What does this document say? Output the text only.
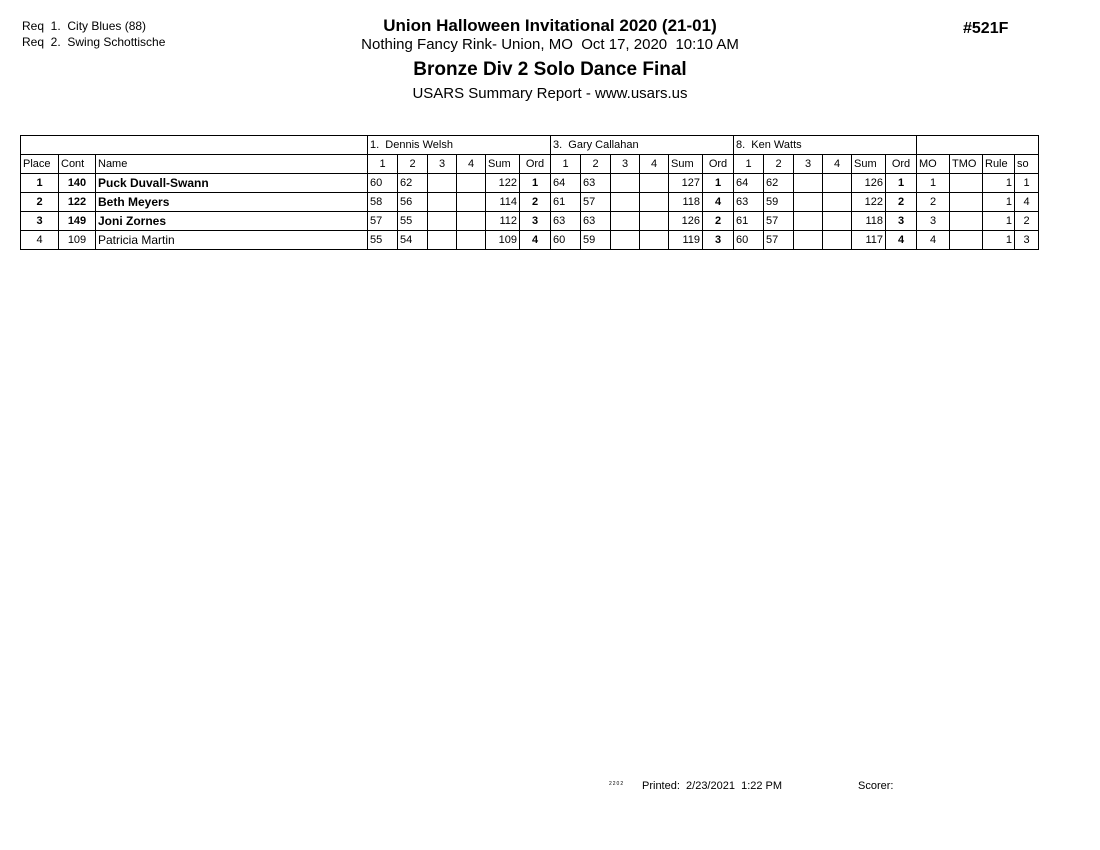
Req  1.  City Blues (88)
Req  2.  Swing Schottische
Union Halloween Invitational 2020 (21-01)
Nothing Fancy Rink- Union, MO  Oct 17, 2020  10:10 AM
Bronze Div 2 Solo Dance Final
USARS Summary Report - www.usars.us
#521F
			1.  Dennis Welsh						3.  Gary Callahan						8.  Ken Watts									
Place	Cont	Name	1	2	3	4	Sum	Ord	1	2	3	4	Sum	Ord	1	2	3	4	Sum	Ord	MO	TMO	Rule	so
1	140	Puck Duvall-Swann	60	62			122	1	64	63			127	1	64	62			126	1	1		1	1
2	122	Beth Meyers	58	56			114	2	61	57			118	4	63	59			122	2	2		1	4
3	149	Joni Zornes	57	55			112	3	63	63			126	2	61	57			118	3	3		1	2
4	109	Patricia Martin	55	54			109	4	60	59			119	3	60	57			117	4	4		1	3
2202 Printed:  2/23/2021  1:22 PM	Scorer:
